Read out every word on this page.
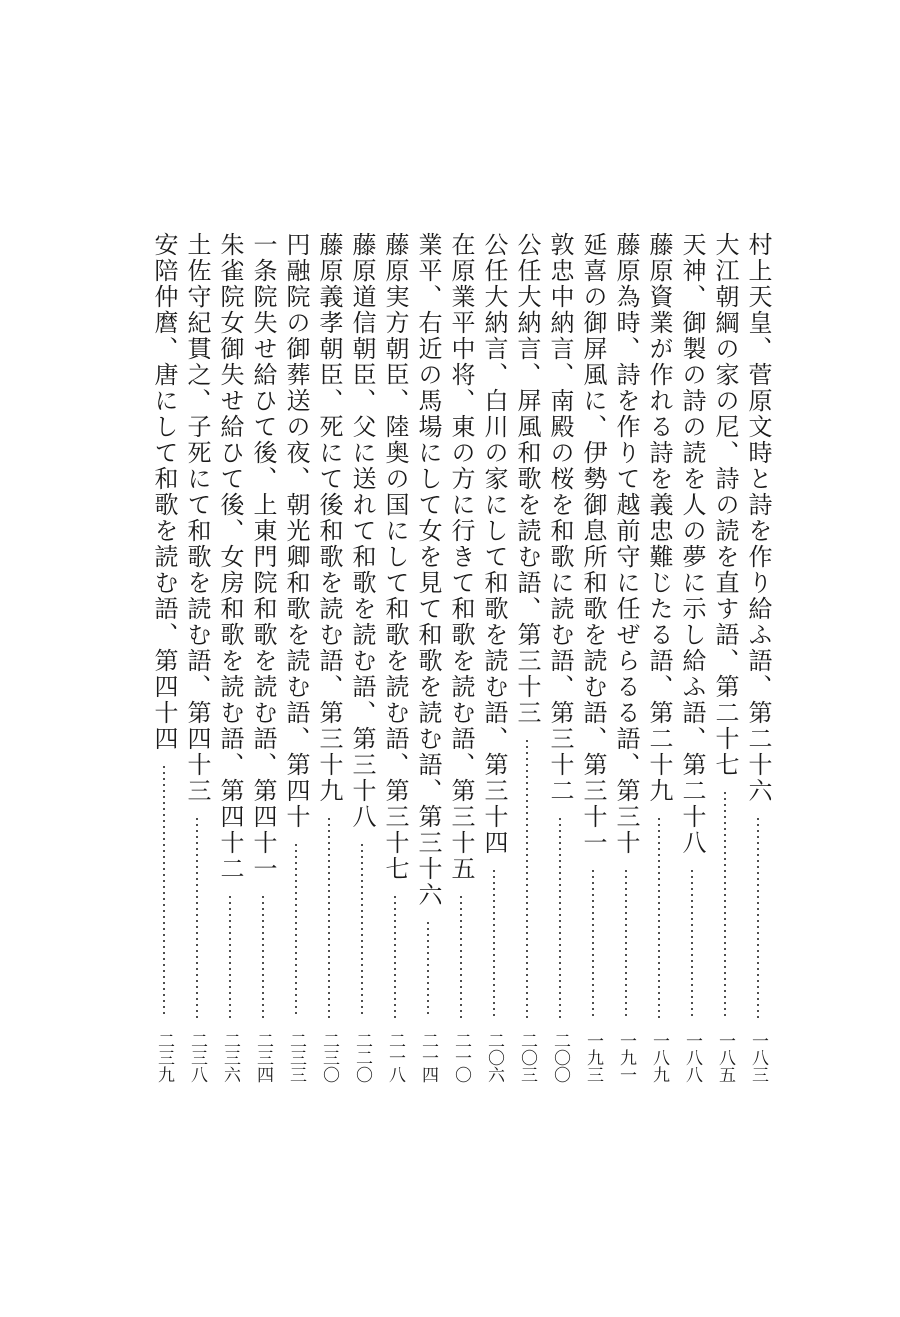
村上天皇、菅原文時と詩を作り給ふ語、第二十六
一八三
大江朝綱の家の尼、詩の読を直す語、第二十七
一八五
天神、御製の詩の読を人の夢に示し給ふ語、第二十八
一八八
藤原資業が作れる詩を義忠難じたる語、第二十九
一八九
藤原為時、詩を作りて越前守に任ぜらるる語、第三十
一九一
延喜の御屏風に、伊勢御息所和歌を読む語、第三十一
一九三
敦忠中納言、南殿の桜を和歌に読む語、第三十二
二〇〇
公任大納言、屏風和歌を読む語、第三十三
二〇三
公任大納言、白川の家にして和歌を読む語、第三十四
二〇六
在原業平中将、東の方に行きて和歌を読む語、第三十五
二一〇
業平、右近の馬場にして女を見て和歌を読む語、第三十六
二一四
藤原実方朝臣、陸奥の国にして和歌を読む語、第三十七
二一八
藤原道信朝臣、父に送れて和歌を読む語、第三十八
二二〇
藤原義孝朝臣、死にて後和歌を読む語、第三十九
二三〇
円融院の御葬送の夜、朝光卿和歌を読む語、第四十
二三三
一条院失せ給ひて後、上東門院和歌を読む語、第四十一
二三四
朱雀院女御失せ給ひて後、女房和歌を読む語、第四十二
二三六
土佐守紀貫之、子死にて和歌を読む語、第四十三
二三八
安陪仲麿、唐にして和歌を読む語、第四十四
二三九
